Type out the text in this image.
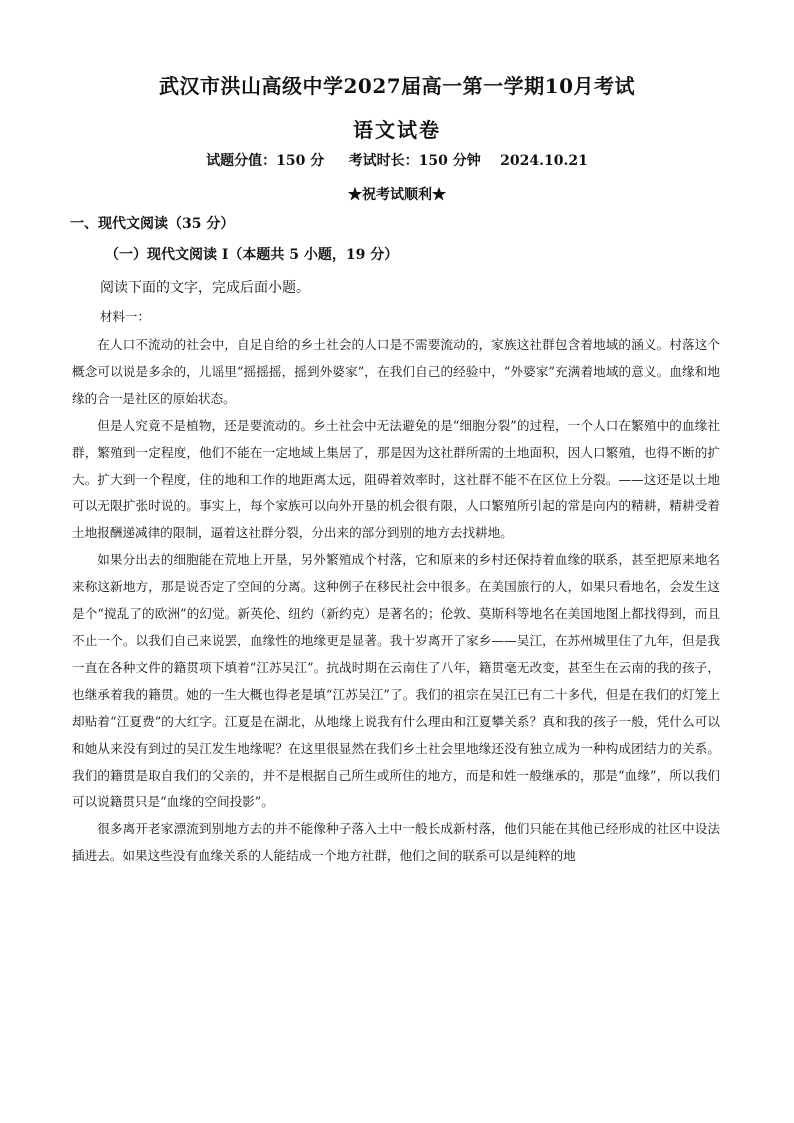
武汉市洪山高级中学2027届高一第一学期10月考试
语文试卷
试题分值：150 分     考试时长：150 分钟    2024.10.21
★祝考试顺利★
一、现代文阅读（35 分）
（一）现代文阅读 I（本题共 5 小题，19 分）

阅读下面的文字，完成后面小题。

材料一：

在人口不流动的社会中，自足自给的乡土社会的人口是不需要流动的，家族这社群包含着地域的涵义。村落这个概念可以说是多余的，儿谣里“摇摇摇，摇到外婆家”，在我们自己的经验中，“外婆家”充满着地域的意义。血缘和地缘的合一是社区的原始状态。

但是人究竟不是植物，还是要流动的。乡土社会中无法避免的是“细胞分裂”的过程，一个人口在繁殖中的血缘社群，繁殖到一定程度，他们不能在一定地域上集居了，那是因为这社群所需的土地面积，因人口繁殖，也得不断的扩大。扩大到一个程度，住的地和工作的地距离太远，阻碍着效率时，这社群不能不在区位上分裂。——这还是以土地可以无限扩张时说的。事实上，每个家族可以向外开垦的机会很有限，人口繁殖所引起的常是向内的精耕，精耕受着土地报酬递减律的限制，逼着这社群分裂，分出来的部分到别的地方去找耕地。

如果分出去的细胞能在荒地上开垦，另外繁殖成个村落，它和原来的乡村还保持着血缘的联系，甚至把原来地名来称这新地方，那是说否定了空间的分离。这种例子在移民社会中很多。在美国旅行的人，如果只看地名，会发生这是个“搅乱了的欧洲”的幻觉。新英伦、纽约（新约克）是著名的；伦敦、莫斯科等地名在美国地图上都找得到，而且不止一个。以我们自己来说罢，血缘性的地缘更是显著。我十岁离开了家乡——吴江，在苏州城里住了九年，但是我一直在各种文件的籍贯项下填着“江苏吴江”。抗战时期在云南住了八年，籍贯毫无改变，甚至生在云南的我的孩子，也继承着我的籍贯。她的一生大概也得老是填“江苏吴江”了。我们的祖宗在吴江已有二十多代，但是在我们的灯笼上却贴着“江夏费”的大红字。江夏是在湖北，从地缘上说我有什么理由和江夏攀关系？真和我的孩子一般，凭什么可以和她从来没有到过的吴江发生地缘呢？在这里很显然在我们乡土社会里地缘还没有独立成为一种构成团结力的关系。我们的籍贯是取自我们的父亲的，并不是根据自己所生或所住的地方，而是和姓一般继承的，那是“血缘”，所以我们可以说籍贯只是“血缘的空间投影”。

很多离开老家漂流到别地方去的并不能像种子落入土中一般长成新村落，他们只能在其他已经形成的社区中设法插进去。如果这些没有血缘关系的人能结成一个地方社群，他们之间的联系可以是纯粹的地
